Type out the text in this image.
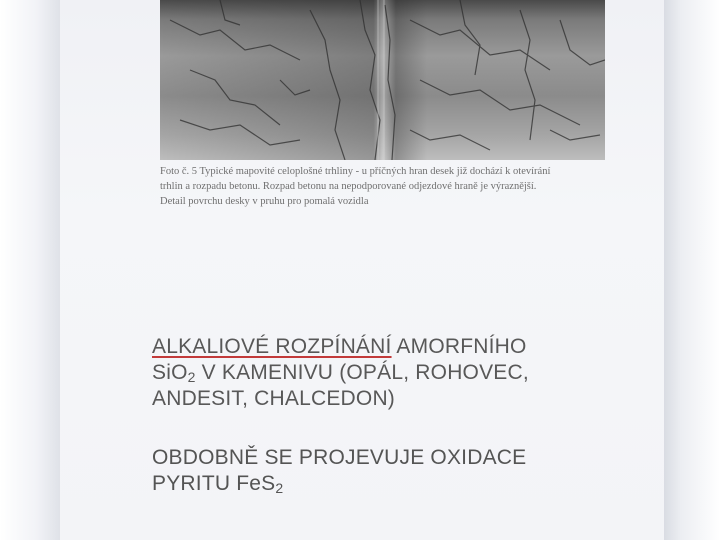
Foto č. 5 Typické mapovité celoplošné trhliny - u příčných hran desek již dochází k otevírání
trhlin a rozpadu betonu. Rozpad betonu na nepodporované odjezdové hraně je výraznější.
Detail povrchu desky v pruhu pro pomalá vozidla
ALKALIOVÉ ROZPÍNÁNÍ AMORFNÍHO
SiO$_2$ V KAMENIVU (OPÁL, ROHOVEC,
ANDESIT, CHALCEDON)
OBDOBNĚ SE PROJEVUJE OXIDACE
PYRITU FeS$_2$
